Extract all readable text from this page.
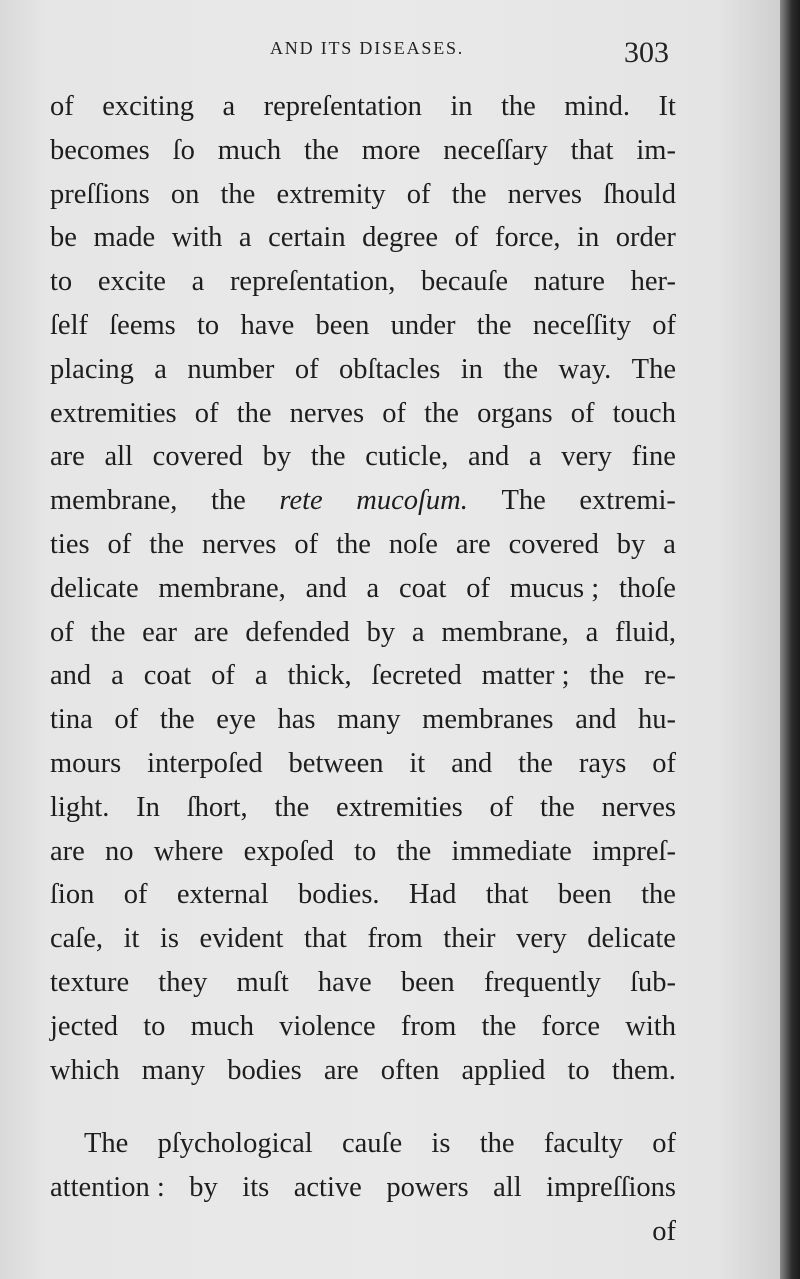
AND ITS DISEASES.	303
of exciting a repreſentation in the mind. It
becomes ſo much the more neceſſary that im-
preſſions on the extremity of the nerves ſhould
be made with a certain degree of force, in order
to excite a repreſentation, becauſe nature her-
ſelf ſeems to have been under the neceſſity of
placing a number of obſtacles in the way. The
extremities of the nerves of the organs of touch
are all covered by the cuticle, and a very fine
membrane, the rete mucoſum. The extremi-
ties of the nerves of the noſe are covered by a
delicate membrane, and a coat of mucus ; thoſe
of the ear are defended by a membrane, a fluid,
and a coat of a thick, ſecreted matter ; the re-
tina of the eye has many membranes and hu-
mours interpoſed between it and the rays of
light. In ſhort, the extremities of the nerves
are no where expoſed to the immediate impreſ-
ſion of external bodies. Had that been the
caſe, it is evident that from their very delicate
texture they muſt have been frequently ſub-
jected to much violence from the force with
which many bodies are often applied to them.
The pſychological cauſe is the faculty of
attention : by its active powers all impreſſions
of
